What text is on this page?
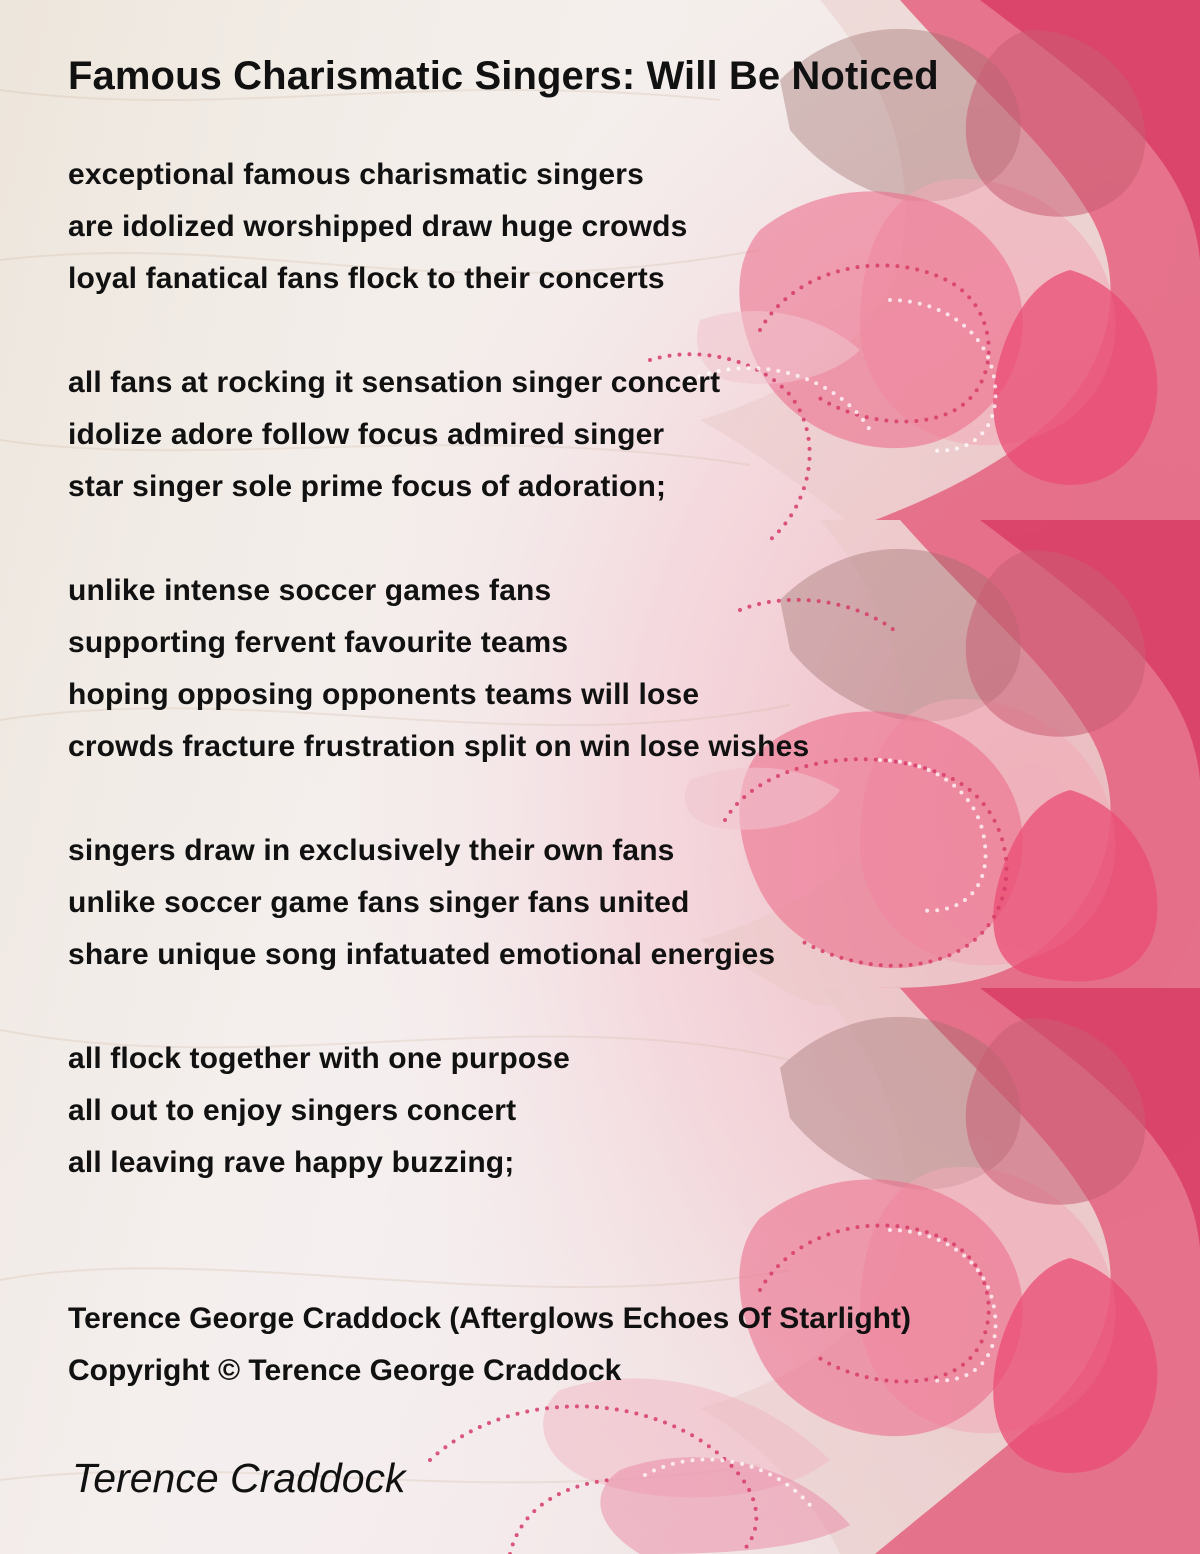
Famous Charismatic Singers: Will Be Noticed
exceptional famous charismatic singers
are idolized worshipped draw huge crowds
loyal fanatical fans flock to their concerts
all fans at rocking it sensation singer concert
idolize adore follow focus admired singer
star singer sole prime focus of adoration;
unlike intense soccer games fans
supporting fervent favourite teams
hoping opposing opponents teams will lose
crowds fracture frustration split on win lose wishes
singers draw in exclusively their own fans
unlike soccer game fans singer fans united
share unique song infatuated emotional energies
all flock together with one purpose
all out to enjoy singers concert
all leaving rave happy buzzing;
Terence George Craddock (Afterglows Echoes Of Starlight)
Copyright © Terence George Craddock
Terence Craddock
